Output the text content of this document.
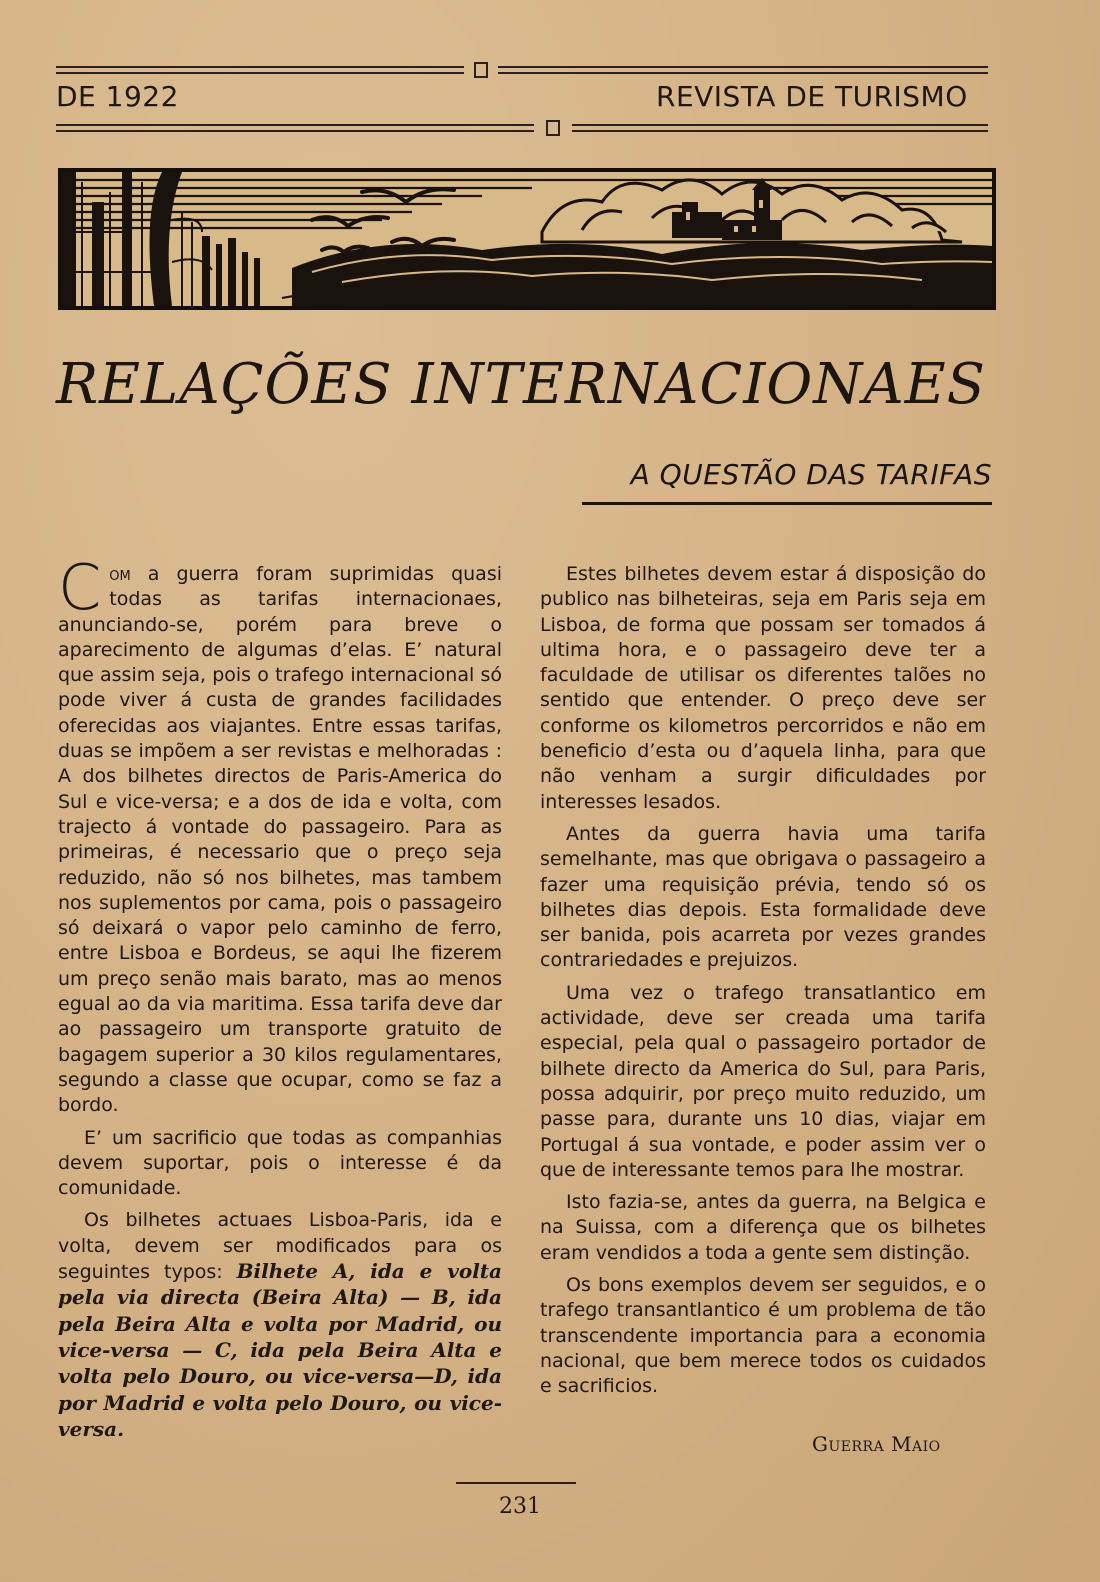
DE 1922	REVISTA DE TURISMO
RELAÇÕES INTERNACIONAES
A QUESTÃO DAS TARIFAS

Com a guerra foram suprimidas quasi todas as tarifas internacionaes, anunciando-se, porém para breve o aparecimento de algumas d’elas. E’ natural que assim seja, pois o trafego internacional só pode viver á custa de grandes facilidades oferecidas aos viajantes. Entre essas tarifas, duas se impõem a ser revistas e melhoradas : A dos bilhetes directos de Paris-America do Sul e vice-versa; e a dos de ida e volta, com trajecto á vontade do passageiro. Para as primeiras, é necessario que o preço seja reduzido, não só nos bilhetes, mas tambem nos suplementos por cama, pois o passageiro só deixará o vapor pelo caminho de ferro, entre Lisboa e Bordeus, se aqui lhe fizerem um preço senão mais barato, mas ao menos egual ao da via maritima. Essa tarifa deve dar ao passageiro um transporte gratuito de bagagem superior a 30 kilos regulamentares, segundo a classe que ocupar, como se faz a bordo.

E’ um sacrificio que todas as companhias devem suportar, pois o interesse é da comunidade.

Os bilhetes actuaes Lisboa-Paris, ida e volta, devem ser modificados para os seguintes typos: Bilhete A, ida e volta pela via directa (Beira Alta) — B, ida pela Beira Alta e volta por Madrid, ou vice-versa — C, ida pela Beira Alta e volta pelo Douro, ou vice-versa—D, ida por Madrid e volta pelo Douro, ou vice-versa.

Estes bilhetes devem estar á disposição do publico nas bilheteiras, seja em Paris seja em Lisboa, de forma que possam ser tomados á ultima hora, e o passageiro deve ter a faculdade de utilisar os diferentes talões no sentido que entender. O preço deve ser conforme os kilometros percorridos e não em beneficio d’esta ou d’aquela linha, para que não venham a surgir dificuldades por interesses lesados.

Antes da guerra havia uma tarifa semelhante, mas que obrigava o passageiro a fazer uma requisição prévia, tendo só os bilhetes dias depois. Esta formalidade deve ser banida, pois acarreta por vezes grandes contrariedades e prejuizos.

Uma vez o trafego transatlantico em actividade, deve ser creada uma tarifa especial, pela qual o passageiro portador de bilhete directo da America do Sul, para Paris, possa adquirir, por preço muito reduzido, um passe para, durante uns 10 dias, viajar em Portugal á sua vontade, e poder assim ver o que de interessante temos para lhe mostrar.

Isto fazia-se, antes da guerra, na Belgica e na Suissa, com a diferença que os bilhetes eram vendidos a toda a gente sem distinção.

Os bons exemplos devem ser seguidos, e o trafego transantlantico é um problema de tão transcendente importancia para a economia nacional, que bem merece todos os cuidados e sacrificios.

Guerra Maio
231
